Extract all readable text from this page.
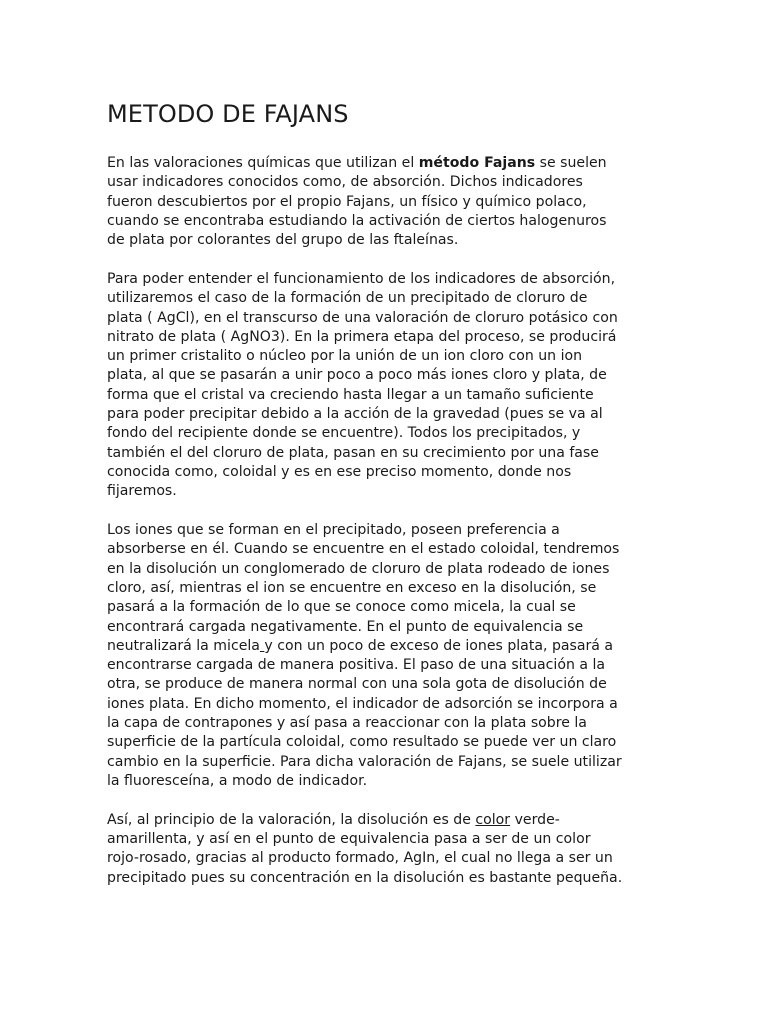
METODO DE FAJANS

En las valoraciones químicas que utilizan el método Fajans se suelen
usar indicadores conocidos como, de absorción. Dichos indicadores
fueron descubiertos por el propio Fajans, un físico y químico polaco,
cuando se encontraba estudiando la activación de ciertos halogenuros
de plata por colorantes del grupo de las ftaleínas.

Para poder entender el funcionamiento de los indicadores de absorción,
utilizaremos el caso de la formación de un precipitado de cloruro de
plata ( AgCl), en el transcurso de una valoración de cloruro potásico con
nitrato de plata ( AgNO3). En la primera etapa del proceso, se producirá
un primer cristalito o núcleo por la unión de un ion cloro con un ion
plata, al que se pasarán a unir poco a poco más iones cloro y plata, de
forma que el cristal va creciendo hasta llegar a un tamaño suficiente
para poder precipitar debido a la acción de la gravedad (pues se va al
fondo del recipiente donde se encuentre). Todos los precipitados, y
también el del cloruro de plata, pasan en su crecimiento por una fase
conocida como, coloidal y es en ese preciso momento, donde nos
fijaremos.

Los iones que se forman en el precipitado, poseen preferencia a
absorberse en él. Cuando se encuentre en el estado coloidal, tendremos
en la disolución un conglomerado de cloruro de plata rodeado de iones
cloro, así, mientras el ion se encuentre en exceso en la disolución, se
pasará a la formación de lo que se conoce como micela, la cual se
encontrará cargada negativamente. En el punto de equivalencia se
neutralizará la micela y con un poco de exceso de iones plata, pasará a
encontrarse cargada de manera positiva. El paso de una situación a la
otra, se produce de manera normal con una sola gota de disolución de
iones plata. En dicho momento, el indicador de adsorción se incorpora a
la capa de contrapones y así pasa a reaccionar con la plata sobre la
superficie de la partícula coloidal, como resultado se puede ver un claro
cambio en la superficie. Para dicha valoración de Fajans, se suele utilizar
la fluoresceína, a modo de indicador.

Así, al principio de la valoración, la disolución es de color verde-
amarillenta, y así en el punto de equivalencia pasa a ser de un color
rojo-rosado, gracias al producto formado, AgIn, el cual no llega a ser un
precipitado pues su concentración en la disolución es bastante pequeña.
